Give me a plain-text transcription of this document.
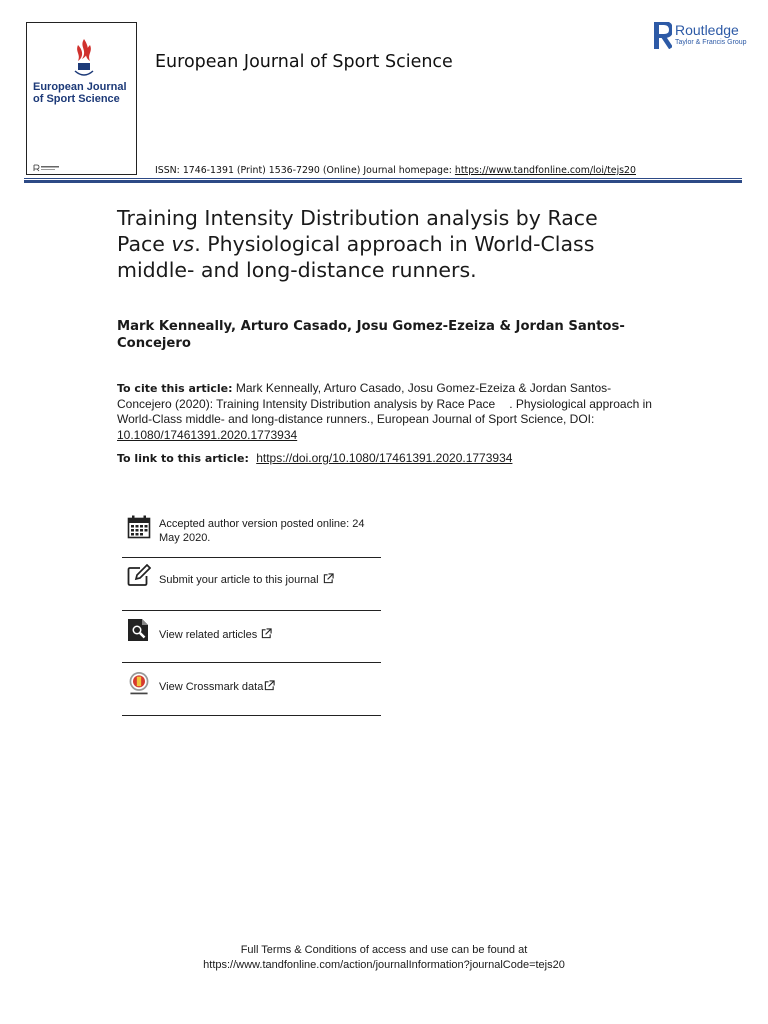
European Journal of Sport Science
European Journal of Sport Science
ISSN: 1746-1391 (Print) 1536-7290 (Online) Journal homepage: https://www.tandfonline.com/loi/tejs20
Routledge
Taylor & Francis Group
Training Intensity Distribution analysis by Race Pace vs. Physiological approach in World-Class middle- and long-distance runners.
Mark Kenneally, Arturo Casado, Josu Gomez-Ezeiza & Jordan Santos-Concejero
To cite this article: Mark Kenneally, Arturo Casado, Josu Gomez-Ezeiza & Jordan Santos-Concejero (2020): Training Intensity Distribution analysis by Race Pace . Physiological approach in World-Class middle- and long-distance runners., European Journal of Sport Science, DOI: 10.1080/17461391.2020.1773934
To link to this article: https://doi.org/10.1080/17461391.2020.1773934
Accepted author version posted online: 24 May 2020.
Submit your article to this journal
View related articles
View Crossmark data
Full Terms & Conditions of access and use can be found at
https://www.tandfonline.com/action/journalInformation?journalCode=tejs20
